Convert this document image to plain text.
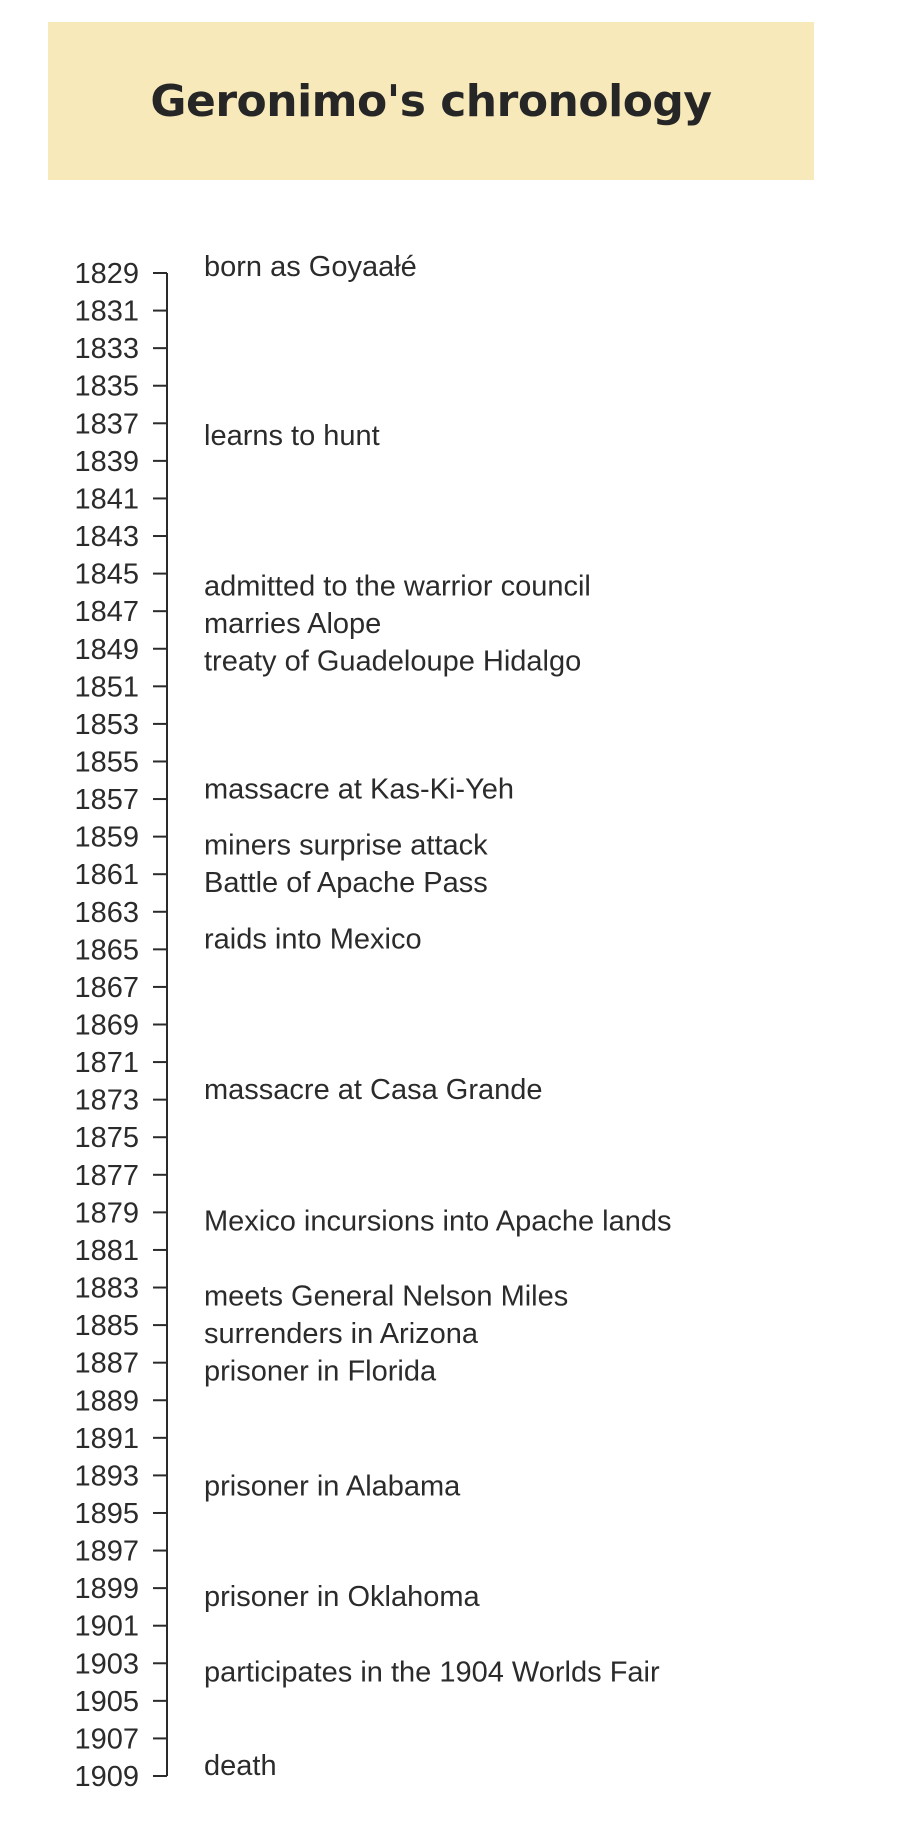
Geronimo's chronology
1829
1831
1833
1835
1837
1839
1841
1843
1845
1847
1849
1851
1853
1855
1857
1859
1861
1863
1865
1867
1869
1871
1873
1875
1877
1879
1881
1883
1885
1887
1889
1891
1893
1895
1897
1899
1901
1903
1905
1907
1909
born as Goyaałé
learns to hunt
admitted to the warrior council
marries Alope
treaty of Guadeloupe Hidalgo
massacre at Kas-Ki-Yeh
miners surprise attack
Battle of Apache Pass
raids into Mexico
massacre at Casa Grande
Mexico incursions into Apache lands
meets General Nelson Miles
surrenders in Arizona
prisoner in Florida
prisoner in Alabama
prisoner in Oklahoma
participates in the 1904 Worlds Fair
death
